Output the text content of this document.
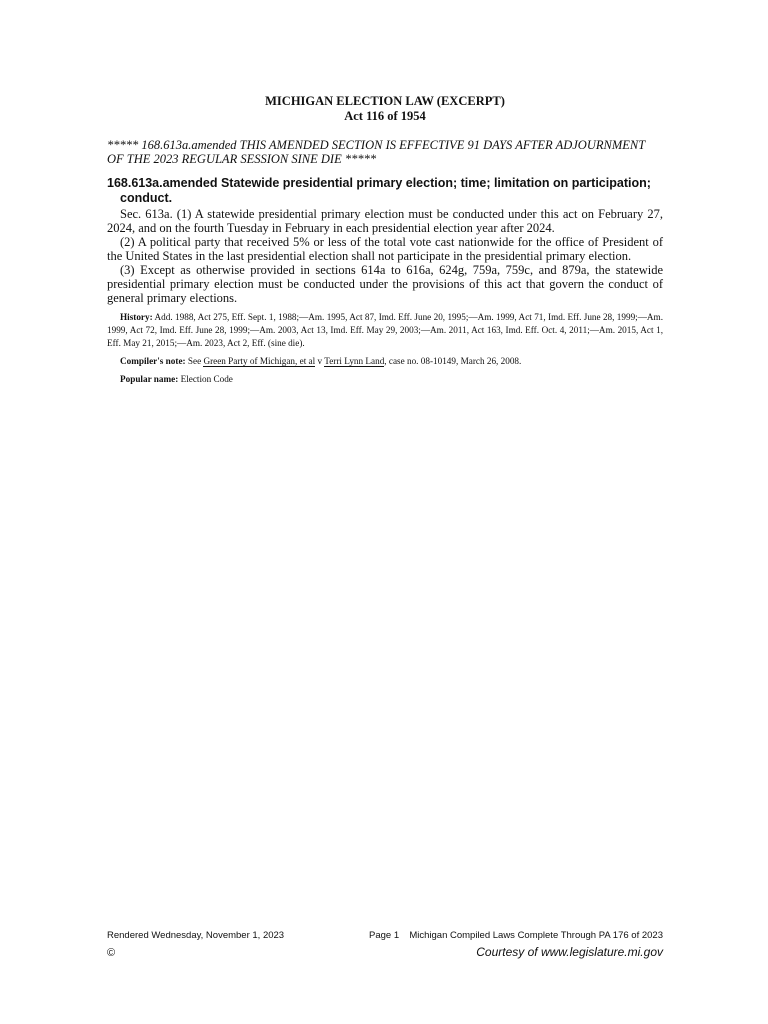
MICHIGAN ELECTION LAW (EXCERPT)

Act 116 of 1954

***** 168.613a.amended THIS AMENDED SECTION IS EFFECTIVE 91 DAYS AFTER ADJOURNMENT OF THE 2023 REGULAR SESSION SINE DIE *****

168.613a.amended Statewide presidential primary election; time; limitation on participation; conduct.

Sec. 613a. (1) A statewide presidential primary election must be conducted under this act on February 27, 2024, and on the fourth Tuesday in February in each presidential election year after 2024.

(2) A political party that received 5% or less of the total vote cast nationwide for the office of President of the United States in the last presidential election shall not participate in the presidential primary election.

(3) Except as otherwise provided in sections 614a to 616a, 624g, 759a, 759c, and 879a, the statewide presidential primary election must be conducted under the provisions of this act that govern the conduct of general primary elections.

History: Add. 1988, Act 275, Eff. Sept. 1, 1988;—Am. 1995, Act 87, Imd. Eff. June 20, 1995;—Am. 1999, Act 71, Imd. Eff. June 28, 1999;—Am. 1999, Act 72, Imd. Eff. June 28, 1999;—Am. 2003, Act 13, Imd. Eff. May 29, 2003;—Am. 2011, Act 163, Imd. Eff. Oct. 4, 2011;—Am. 2015, Act 1, Eff. May 21, 2015;—Am. 2023, Act 2, Eff. (sine die).

Compiler's note: See Green Party of Michigan, et al v Terri Lynn Land, case no. 08-10149, March 26, 2008.

Popular name: Election Code

Rendered Wednesday, November 1, 2023	Page 1 Michigan Compiled Laws Complete Through PA 176 of 2023
©	Courtesy of www.legislature.mi.gov
